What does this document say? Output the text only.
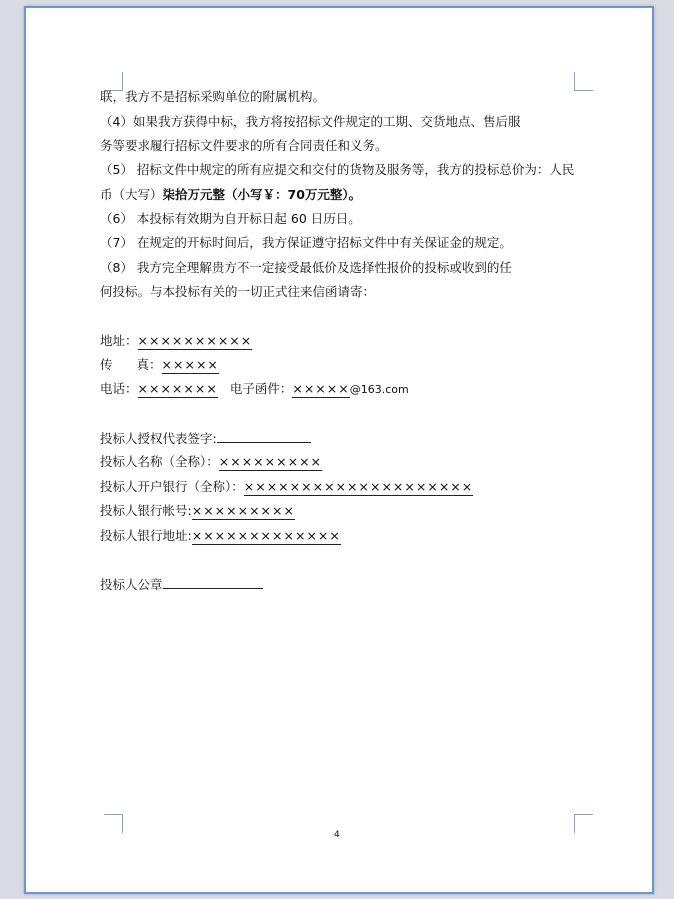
联，我方不是招标采购单位的附属机构。
（4）如果我方获得中标，我方将按招标文件规定的工期、交货地点、售后服
务等要求履行招标文件要求的所有合同责任和义务。
（5） 招标文件中规定的所有应提交和交付的货物及服务等，我方的投标总价为：人民
币（大写）柒拾万元整（小写￥：70万元整）。
（6） 本投标有效期为自开标日起 60 日历日。
（7） 在规定的开标时间后，我方保证遵守招标文件中有关保证金的规定。
（8） 我方完全理解贵方不一定接受最低价及选择性报价的投标或收到的任
何投标。与本投标有关的一切正式往来信函请寄：
地址：××××××××××
传 真：×××××
电话：××××××× 电子函件：×××××@163.com
投标人授权代表签字:
投标人名称（全称）：×××××××××
投标人开户银行（全称）：××××××××××××××××××××
投标人银行帐号:×××××××××
投标人银行地址:×××××××××××××
投标人公章
4
